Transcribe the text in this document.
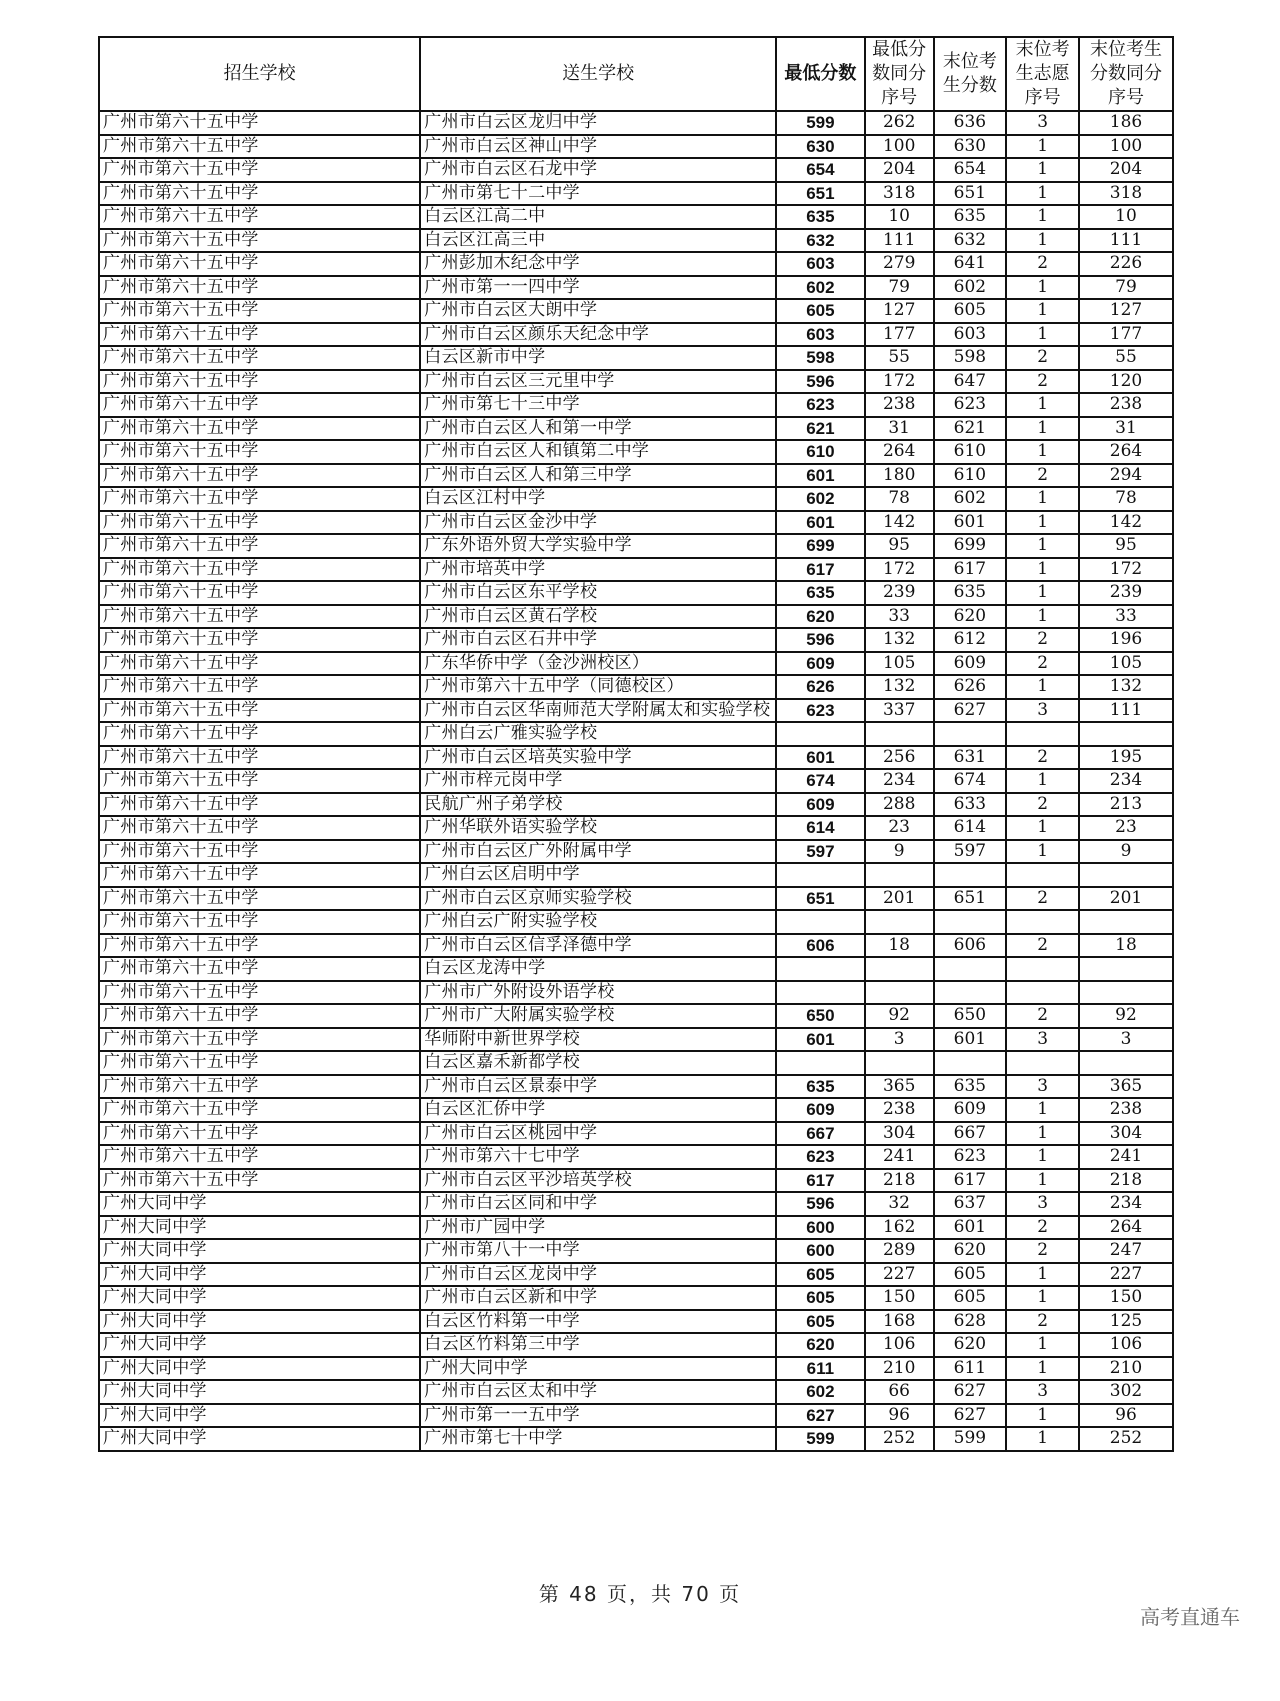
招生学校	送生学校	最低分数	最低分数同分序号	末位考生分数	末位考生志愿序号	末位考生分数同分序号
广州市第六十五中学	广州市白云区龙归中学	599	262	636	3	186
广州市第六十五中学	广州市白云区神山中学	630	100	630	1	100
广州市第六十五中学	广州市白云区石龙中学	654	204	654	1	204
广州市第六十五中学	广州市第七十二中学	651	318	651	1	318
广州市第六十五中学	白云区江高二中	635	10	635	1	10
广州市第六十五中学	白云区江高三中	632	111	632	1	111
广州市第六十五中学	广州彭加木纪念中学	603	279	641	2	226
广州市第六十五中学	广州市第一一四中学	602	79	602	1	79
广州市第六十五中学	广州市白云区大朗中学	605	127	605	1	127
广州市第六十五中学	广州市白云区颜乐天纪念中学	603	177	603	1	177
广州市第六十五中学	白云区新市中学	598	55	598	2	55
广州市第六十五中学	广州市白云区三元里中学	596	172	647	2	120
广州市第六十五中学	广州市第七十三中学	623	238	623	1	238
广州市第六十五中学	广州市白云区人和第一中学	621	31	621	1	31
广州市第六十五中学	广州市白云区人和镇第二中学	610	264	610	1	264
广州市第六十五中学	广州市白云区人和第三中学	601	180	610	2	294
广州市第六十五中学	白云区江村中学	602	78	602	1	78
广州市第六十五中学	广州市白云区金沙中学	601	142	601	1	142
广州市第六十五中学	广东外语外贸大学实验中学	699	95	699	1	95
广州市第六十五中学	广州市培英中学	617	172	617	1	172
广州市第六十五中学	广州市白云区东平学校	635	239	635	1	239
广州市第六十五中学	广州市白云区黄石学校	620	33	620	1	33
广州市第六十五中学	广州市白云区石井中学	596	132	612	2	196
广州市第六十五中学	广东华侨中学（金沙洲校区）	609	105	609	2	105
广州市第六十五中学	广州市第六十五中学（同德校区）	626	132	626	1	132
广州市第六十五中学	广州市白云区华南师范大学附属太和实验学校	623	337	627	3	111
广州市第六十五中学	广州白云广雅实验学校					
广州市第六十五中学	广州市白云区培英实验中学	601	256	631	2	195
广州市第六十五中学	广州市梓元岗中学	674	234	674	1	234
广州市第六十五中学	民航广州子弟学校	609	288	633	2	213
广州市第六十五中学	广州华联外语实验学校	614	23	614	1	23
广州市第六十五中学	广州市白云区广外附属中学	597	9	597	1	9
广州市第六十五中学	广州白云区启明中学					
广州市第六十五中学	广州市白云区京师实验学校	651	201	651	2	201
广州市第六十五中学	广州白云广附实验学校					
广州市第六十五中学	广州市白云区信孚泽德中学	606	18	606	2	18
广州市第六十五中学	白云区龙涛中学					
广州市第六十五中学	广州市广外附设外语学校					
广州市第六十五中学	广州市广大附属实验学校	650	92	650	2	92
广州市第六十五中学	华师附中新世界学校	601	3	601	3	3
广州市第六十五中学	白云区嘉禾新都学校					
广州市第六十五中学	广州市白云区景泰中学	635	365	635	3	365
广州市第六十五中学	白云区汇侨中学	609	238	609	1	238
广州市第六十五中学	广州市白云区桃园中学	667	304	667	1	304
广州市第六十五中学	广州市第六十七中学	623	241	623	1	241
广州市第六十五中学	广州市白云区平沙培英学校	617	218	617	1	218
广州大同中学	广州市白云区同和中学	596	32	637	3	234
广州大同中学	广州市广园中学	600	162	601	2	264
广州大同中学	广州市第八十一中学	600	289	620	2	247
广州大同中学	广州市白云区龙岗中学	605	227	605	1	227
广州大同中学	广州市白云区新和中学	605	150	605	1	150
广州大同中学	白云区竹料第一中学	605	168	628	2	125
广州大同中学	白云区竹料第三中学	620	106	620	1	106
广州大同中学	广州大同中学	611	210	611	1	210
广州大同中学	广州市白云区太和中学	602	66	627	3	302
广州大同中学	广州市第一一五中学	627	96	627	1	96
广州大同中学	广州市第七十中学	599	252	599	1	252
第 48 页，共 70 页
高考直通车
